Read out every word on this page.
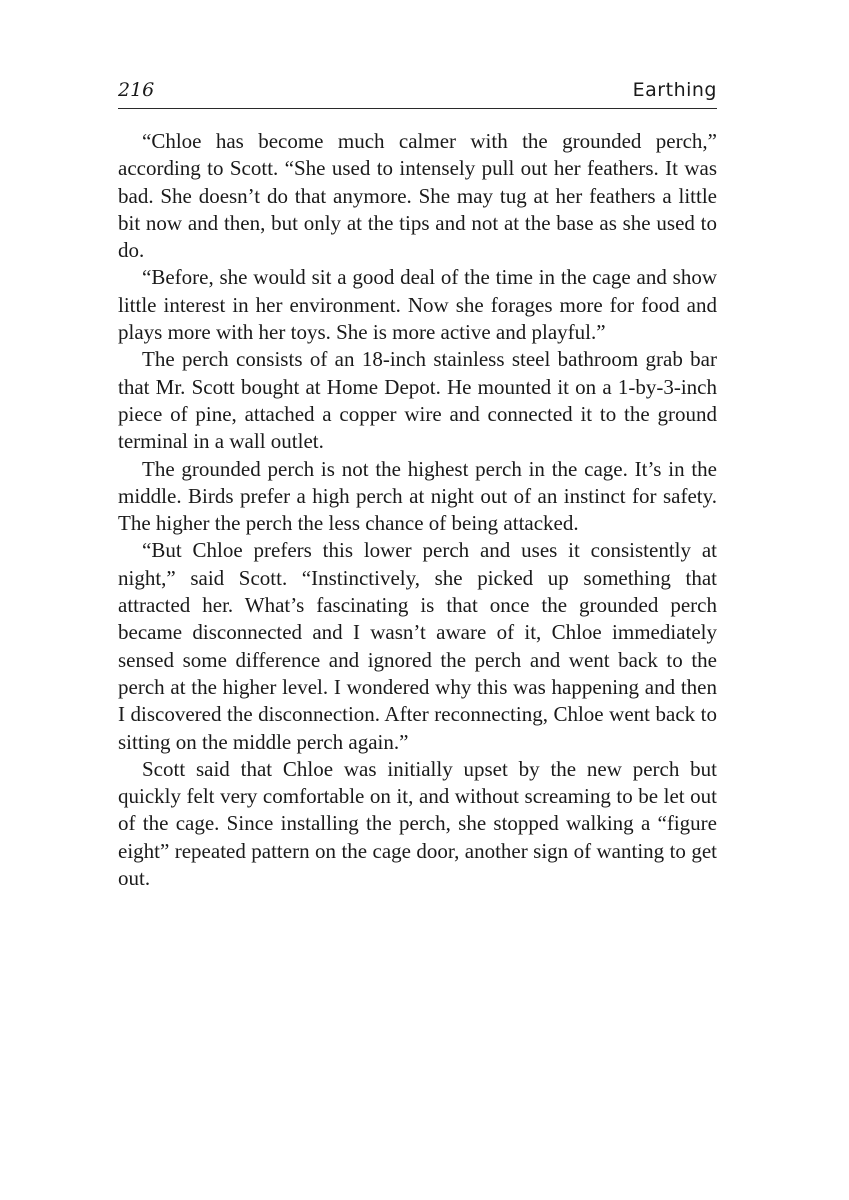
216	Earthing

“Chloe has become much calmer with the grounded perch,” according to Scott. “She used to intensely pull out her feathers. It was bad. She doesn’t do that anymore. She may tug at her feathers a little bit now and then, but only at the tips and not at the base as she used to do.

“Before, she would sit a good deal of the time in the cage and show little interest in her environment. Now she forages more for food and plays more with her toys. She is more active and playful.”

The perch consists of an 18-inch stainless steel bathroom grab bar that Mr. Scott bought at Home Depot. He mounted it on a 1-by-3-inch piece of pine, attached a copper wire and connected it to the ground terminal in a wall outlet.

The grounded perch is not the highest perch in the cage. It’s in the middle. Birds prefer a high perch at night out of an instinct for safety. The higher the perch the less chance of being attacked.

“But Chloe prefers this lower perch and uses it consistently at night,” said Scott. “Instinctively, she picked up something that attracted her. What’s fascinating is that once the grounded perch became disconnected and I wasn’t aware of it, Chloe immediately sensed some difference and ignored the perch and went back to the perch at the higher level. I wondered why this was happening and then I discovered the disconnection. After reconnecting, Chloe went back to sitting on the middle perch again.”

Scott said that Chloe was initially upset by the new perch but quickly felt very comfortable on it, and without screaming to be let out of the cage. Since installing the perch, she stopped walking a “figure eight” repeated pattern on the cage door, another sign of wanting to get out.
